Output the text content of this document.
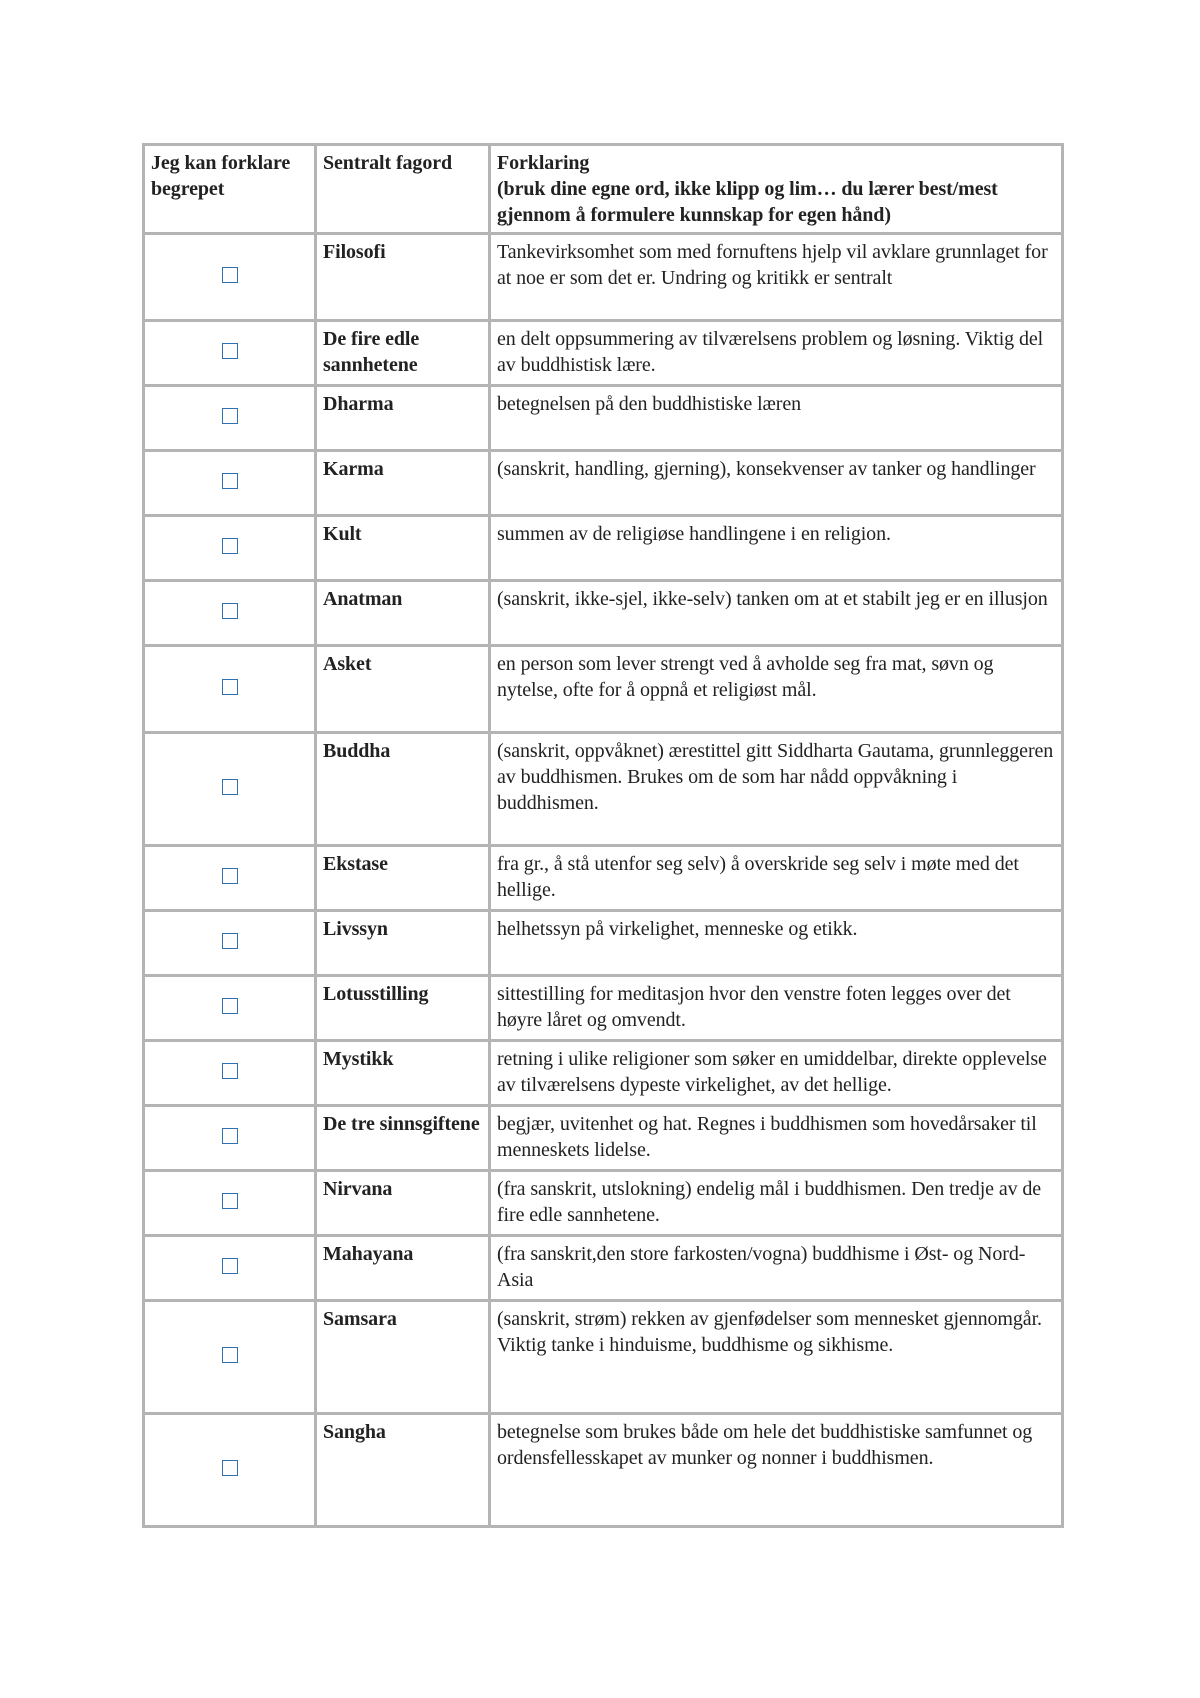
Jeg kan forklare begrepet	Sentralt fagord	Forklaring
(bruk dine egne ord, ikke klipp og lim… du lærer best/mest gjennom å formulere kunnskap for egen hånd)

	Filosofi	Tankevirksomhet som med fornuftens hjelp vil avklare grunnlaget for at noe er som det er. Undring og kritikk er sentralt
	De fire edle sannhetene	en delt oppsummering av tilværelsens problem og løsning. Viktig del av buddhistisk lære.
	Dharma	betegnelsen på den buddhistiske læren
	Karma	(sanskrit, handling, gjerning), konsekvenser av tanker og handlinger
	Kult	summen av de religiøse handlingene i en religion.
	Anatman	(sanskrit, ikke-sjel, ikke-selv) tanken om at et stabilt jeg er en illusjon
	Asket	en person som lever strengt ved å avholde seg fra mat, søvn og nytelse, ofte for å oppnå et religiøst mål.
	Buddha	(sanskrit, oppvåknet) ærestittel gitt Siddharta Gautama, grunnleggeren av buddhismen. Brukes om de som har nådd oppvåkning i buddhismen.
	Ekstase	fra gr., å stå utenfor seg selv) å overskride seg selv i møte med det hellige.
	Livssyn	helhetssyn på virkelighet, menneske og etikk.
	Lotusstilling	sittestilling for meditasjon hvor den venstre foten legges over det høyre låret og omvendt.
	Mystikk	retning i ulike religioner som søker en umiddelbar, direkte opplevelse av tilværelsens dypeste virkelighet, av det hellige.
	De tre sinnsgiftene	begjær, uvitenhet og hat. Regnes i buddhismen som hovedårsaker til menneskets lidelse.
	Nirvana	(fra sanskrit, utslokning) endelig mål i buddhismen. Den tredje av de fire edle sannhetene.
	Mahayana	(fra sanskrit,den store farkosten/vogna) buddhisme i Øst- og Nord-Asia
	Samsara	(sanskrit, strøm) rekken av gjenfødelser som mennesket gjennomgår. Viktig tanke i hinduisme, buddhisme og sikhisme.
	Sangha	betegnelse som brukes både om hele det buddhistiske samfunnet og ordensfellesskapet av munker og nonner i buddhismen.
